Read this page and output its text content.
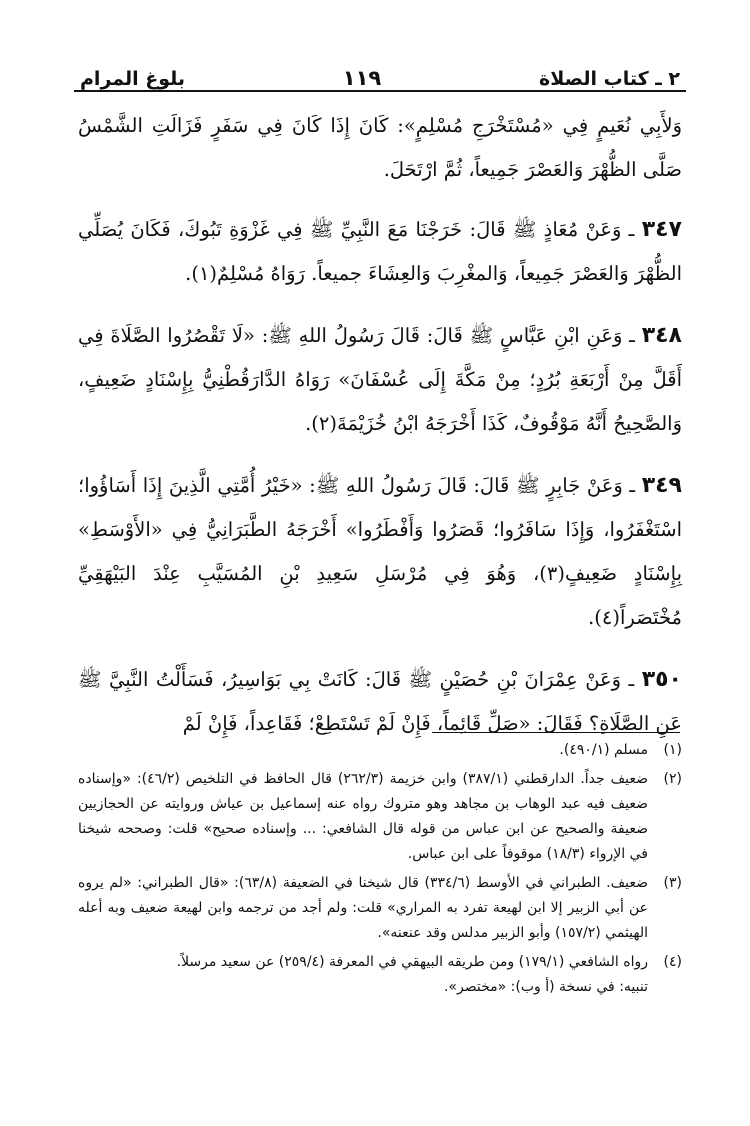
٢ ـ كتاب الصلاة
١١٩
بلوغ المرام

وَلأَبِي نُعَيمٍ فِي «مُسْتَخْرَجِ مُسْلِمٍ»: كَانَ إِذَا كَانَ فِي سَفَرٍ فَزَالَتِ الشَّمْسُ صَلَّى الظُّهْرَ وَالعَصْرَ جَمِيعاً، ثُمَّ ارْتَحَلَ.

٣٤٧ ـ وَعَنْ مُعَاذٍ ﷺ قَالَ: خَرَجْنَا مَعَ النَّبِيِّ ﷺ فِي غَزْوَةِ تَبُوكَ، فَكَانَ يُصَلِّي الظُّهْرَ وَالعَصْرَ جَمِيعاً، وَالمغْرِبَ وَالعِشَاءَ جميعاً. رَوَاهُ مُسْلِمٌ(١).

٣٤٨ ـ وَعَنِ ابْنِ عَبَّاسٍ ﷺ قَالَ: قَالَ رَسُولُ اللهِ ﷺ: «لَا تَقْصُرُوا الصَّلَاةَ فِي أَقَلَّ مِنْ أَرْبَعَةِ بُرُدٍ؛ مِنْ مَكَّةَ إِلَى عُسْفَانَ» رَوَاهُ الدَّارَقُطْنِيُّ بِإِسْنَادٍ ضَعِيفٍ، وَالصَّحِيحُ أَنَّهُ مَوْقُوفٌ، كَذَا أَخْرَجَهُ ابْنُ خُزَيْمَةَ(٢).

٣٤٩ ـ وَعَنْ جَابِرٍ ﷺ قَالَ: قَالَ رَسُولُ اللهِ ﷺ: «خَيْرُ أُمَّتِي الَّذِينَ إِذَا أَسَاؤُوا؛ اسْتَغْفَرُوا، وَإِذَا سَافَرُوا؛ قَصَرُوا وَأَفْطَرُوا» أَخْرَجَهُ الطَّبَرَانِيُّ فِي «الأَوْسَطِ» بِإِسْنَادٍ ضَعِيفٍ(٣)، وَهُوَ فِي مُرْسَلِ سَعِيدِ بْنِ المُسَيَّبِ عِنْدَ البَيْهَقِيِّ مُخْتَصَراً(٤).

٣٥٠ ـ وَعَنْ عِمْرَانَ بْنِ حُصَيْنٍ ﷺ قَالَ: كَانَتْ بِي بَوَاسِيرُ، فَسَأَلْتُ النَّبِيَّ ﷺ عَنِ الصَّلَاةِ؟ فَقَالَ: «صَلِّ قَائِماً، فَإِنْ لَمْ تَسْتَطِعْ؛ فَقَاعِداً، فَإِنْ لَمْ

(١)

مسلم (٤٩٠/١).

(٢)

ضعيف جداً. الدارقطني (٣٨٧/١) وابن خزيمة (٢٦٢/٣) قال الحافظ في التلخيص (٤٦/٢): «وإسناده ضعيف فيه عبد الوهاب بن مجاهد وهو متروك رواه عنه إسماعيل بن عياش وروايته عن الحجازيين ضعيفة والصحيح عن ابن عباس من قوله قال الشافعي: ... وإسناده صحيح» قلت: وصححه شيخنا في الإرواء (١٨/٣) موقوفاً على ابن عباس.

(٣)

ضعيف. الطبراني في الأوسط (٣٣٤/٦) قال شيخنا في الضعيفة (٦٣/٨): «قال الطبراني: «لم يروه عن أبي الزبير إلا ابن لهيعة تفرد به المراري» قلت: ولم أجد من ترجمه وابن لهيعة ضعيف وبه أعله الهيثمي (١٥٧/٢) وأبو الزبير مدلس وقد عنعنه».

(٤)

رواه الشافعي (١٧٩/١) ومن طريقه البيهقي في المعرفة (٢٥٩/٤) عن سعيد مرسلاً.

تنبيه: في نسخة (أ وب): «مختصر».
